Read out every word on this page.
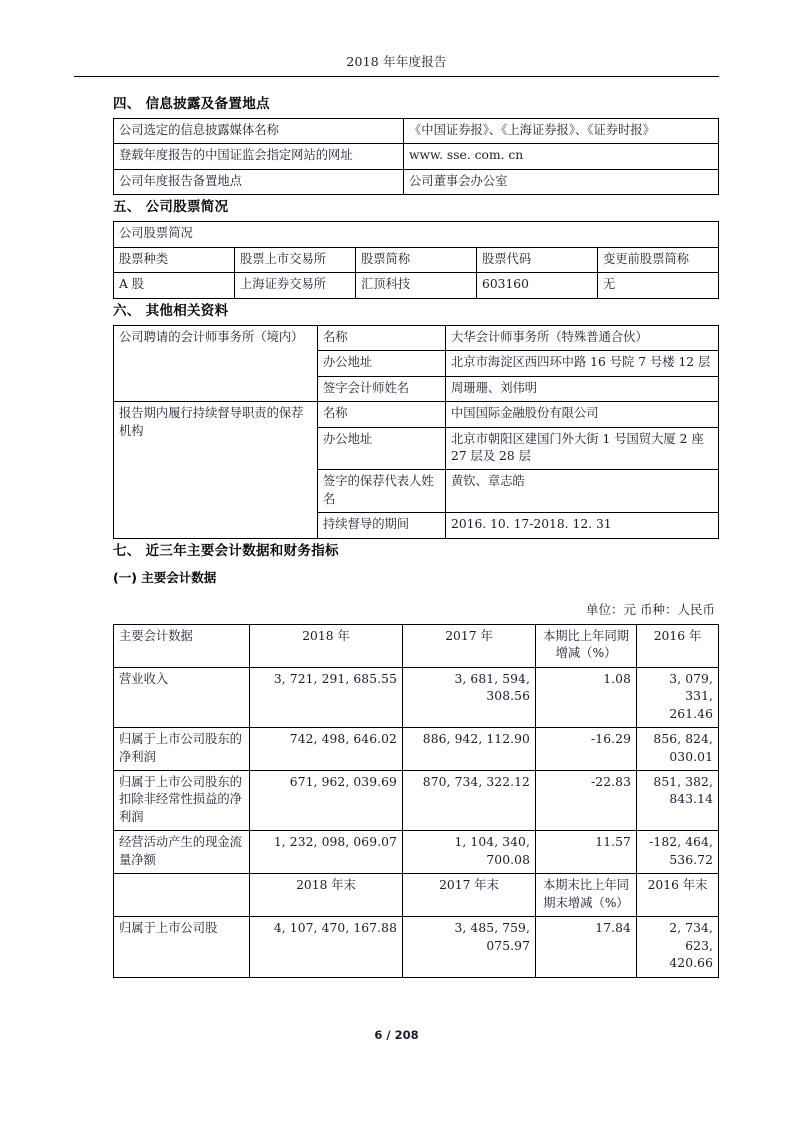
2018 年年度报告
四、 信息披露及备置地点
公司选定的信息披露媒体名称	《中国证券报》、《上海证券报》、《证券时报》
登载年度报告的中国证监会指定网站的网址	www. sse. com. cn
公司年度报告备置地点	公司董事会办公室
五、 公司股票简况
公司股票简况				
股票种类	股票上市交易所	股票简称	股票代码	变更前股票简称
A 股	上海证券交易所	汇顶科技	603160	无
六、 其他相关资料
公司聘请的会计师事务所（境内）	名称	大华会计师事务所（特殊普通合伙）
	办公地址	北京市海淀区西四环中路 16 号院 7 号楼 12 层
	签字会计师姓名	周珊珊、刘伟明
报告期内履行持续督导职责的保荐机构	名称	中国国际金融股份有限公司
	办公地址	北京市朝阳区建国门外大街 1 号国贸大厦 2 座 27 层及 28 层
	签字的保荐代表人姓名	黄钦、章志皓
	持续督导的期间	2016. 10. 17-2018. 12. 31
七、 近三年主要会计数据和财务指标
(一) 主要会计数据
单位：元 币种：人民币
主要会计数据	2018 年	2017 年	本期比上年同期增减（%）	2016 年
营业收入	3, 721, 291, 685.55	3, 681, 594, 308.56	1.08	3, 079, 331, 261.46
归属于上市公司股东的净利润	742, 498, 646.02	886, 942, 112.90	-16.29	856, 824, 030.01
归属于上市公司股东的扣除非经常性损益的净利润	671, 962, 039.69	870, 734, 322.12	-22.83	851, 382, 843.14
经营活动产生的现金流量净额	1, 232, 098, 069.07	1, 104, 340, 700.08	11.57	-182, 464, 536.72
	2018 年末	2017 年末	本期末比上年同期末增减（%）	2016 年末
归属于上市公司股	4, 107, 470, 167.88	3, 485, 759, 075.97	17.84	2, 734, 623, 420.66
6 / 208
